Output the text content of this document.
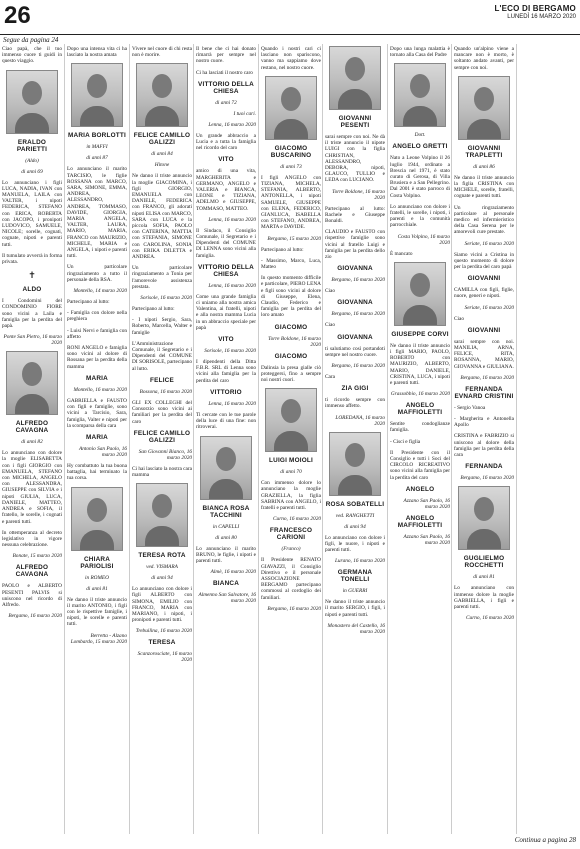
26	L'ECO DI BERGAMO
LUNEDÌ 16 MARZO 2020
Segue da pagina 24
Ciao papà, che il tuo immenso cuore ti guidi in questo viaggio.
ERALDO PARIETTI
(Aldo)
di anni 69
Lo annunciano i figli LUCA, NADIA, IVAN con MANUELA, LAILA con VALTER, i nipoti FEDERICA, STEFANO con ERICA, ROBERTA con JACOPO, i pronipoti LUDOVICO, SAMUELE, NICOLE; sorelle, cognati, cognate, nipoti e parenti tutti.
Il tumulato avverrà in forma privata.
✝
ALDO
I Condomini del CONDOMINIO FIORE sono vicini a Laila e famiglia per la perdita del papà.
Ponte San Pietro, 16 marzo 2020
ALFREDO CAVAGNA
di anni 82
Lo annunciano con dolore la moglie ELISABETTA con i figli GIORGIO con EMANUELA, STEFANO con MICHELA, ANGELO con ALESSANDRA, GIUSEPPE con SILVIA e i nipoti GIULIA, LUCA, DANIELE, MATTEO, ANDREA e SOFIA, il fratello, le sorelle, i cognati e parenti tutti.
In ottemperanza al decreto legislativo in vigore nessuna celebrazione.
Bonate, 15 marzo 2020
ALFREDO CAVAGNA
PAOLO e ALBERTO PESENTI PALVIS si uniscono nel ricordo di Alfredo.
Bergamo, 16 marzo 2020
Dopo una intensa vita ci ha lasciato la nostra amata
MARIA BORLOTTI
in MAFFI
di anni 87
Lo annunciano il marito TARCISIO, le figlie ROSSANA con MARCO, SARA, SIMONE, EMMA, ANDREA, ALESSANDRO, ANDREA, TOMMASO, DAVIDE, GIORGIA, MARIA ANGELA, VALTER, LAURA, MARIO, MARIA, FRANCO con MAURIZIO, MICHELE, MARIA e ANGELA, i nipoti e parenti tutti.
Un particolare ringraziamento a tutto il personale della RSA.
Montello, 14 marzo 2020
Partecipano al lutto:
- Famiglia con dolore nella preghiera
- Luisi Nervi e famiglia con affetto
RONI ANGELO e famiglia sono vicini al dolore di Rossana per la perdita della mamma
MARIA
Montello, 16 marzo 2020
GABRIELLA e FAUSTO con figli e famiglie, sono vicini a Tarcisio, Sara, famiglia, Valter e nipoti per la scomparsa della cara
MARIA
Antonio San Paolo, 16 marzo 2020
Hy combattuto la tua buona battaglia, hai terminato la tua corsa.
CHIARA PARIOLISI
in ROMEO
di anni 81
Ne danno il triste annuncio il marito ANTONIO, i figli con le rispettive famiglie, i nipoti, le sorelle e parenti tutti.
Berretta - Alzano Lombardo, 15 marzo 2020
Vivere nel cuore di chi resta non è morire.
FELICE CAMILLO GALIZZI
di anni 84
Hitone
Ne danno il triste annuncio la moglie GIACOMINA, i figli GIORGIO, EMANUELA con DANIELE, FEDERICA con FRANCO, gli adorati nipoti ELISA con MARCO, SARA con LUCA e la piccola SOFIA, PAOLO con CATERINA, MATTIA con STEFANIA, SIMONE con CAROLINA, SONIA con ERIKA DILETTA e ANDREA.
Un particolare ringraziamento a Tonia per l'amorevole assistenza prestata.
Sorisole, 16 marzo 2020
Partecipano al lutto:
- I nipoti Sergio, Sara, Roberto, Marcella, Walter e famiglie
L'Amministrazione Comunale, il Segretario e i Dipendenti del COMUNE DI SORISOLE, partecipano al lutto.
FELICE
Bossona, 16 marzo 2020
GLI EX COLLEGHI del Consorzio sono vicini ai familiari per la perdita del caro
FELICE CAMILLO GALIZZI
San Giovanni Bianco, 16 marzo 2020
Ci hai lasciato la nostra cara mamma
TERESA ROTA
ved. VISMARA
di anni 94
Lo annunciano con dolore i figli ALBERTO con SIMONA, EMILIO con FRANCO, MARIA con MARIANO, i nipoti, i pronipoti e parenti tutti.
Trebuilina, 16 marzo 2020
TERESA
Scanzorosciate, 16 marzo 2020
Il bene che ci hai donato rimarrà per sempre nel nostro cuore.
Ci ha lasciati il nostro caro
VITTORIO DELLA CHIESA
di anni 72
I tuoi cari.
Lenna, 16 marzo 2020
Un grande abbraccio a Lucia e a tutta la famiglia nel ricordo del caro
VITO
amico di una vita, MARGHERITA e GERMANO, ANGELO e VALERIA e BIANCA, LEONE e TIZIANA, ADELMO e GIUSEPPE, TOMMASO, MATTEO.
Lenna, 16 marzo 2020
Il Sindaco, il Consiglio Comunale, il Segretario e i Dipendenti del COMUNE DI LENNA sono vicini alla famiglia.
VITTORIO DELLA CHIESA
Lenna, 16 marzo 2020
Come una grande famiglia ci uniamo alla nostra amica Valentina, ai fratelli, nipoti e alla nostra mamma Lucia in un abbraccio speciale per papà
VITO
Sorisole, 16 marzo 2020
I dipendenti della Ditta F.B.R. SRL di Lenna sono vicini alla famiglia per la perdita del caro
VITTORIO
Lenna, 16 marzo 2020
Ti cercate con le tue parole della luce di una fine: non ritroverai.
BIANCA ROSA TACCHINI
in CAPELLI
di anni 80
Lo annunciano il marito BRUNO, le figlie, i nipoti e parenti tutti.
Almè, 16 marzo 2020
BIANCA
Almenno San Salvatore, 16 marzo 2020
Quando i nostri cari ci lasciano non spariscono, vanno ma sappiamo dove restano, nel nostro cuore.
GIACOMO BUSCARINO
di anni 73
I figli ANGELO con TIZIANA, MICHELA, STEFANIA, ALBERTO, ANTONELLA, i nipoti SAMUELE, GIUSEPPE con ELENA, FEDERICO, GIANLUCA, ISABELLA con STEFANO, ANDREA, MARTA e DAVIDE.
Bergamo, 15 marzo 2020
Partecipano al lutto:
- Massimo, Marco, Luca, Matteo
In questo momento difficile e particolare, PIERO LENA e figli sono vicini al dolore di Giuseppe, Elena, Claudio, Federico e famiglia per la perdita del loro amato
GIACOMO
Torre Boldone, 16 marzo 2020
GIACOMO
Dalinsia la presa gialle ciò proteggersi, fino a sempre noi nostri cuori.
LUIGI MOIOLI
di anni 70
Con immenso dolore lo annunciano la moglie GRAZIELLA, la figlia SABRINA con ANGELO, i fratelli e parenti tutti.
Curno, 16 marzo 2020
FRANCESCO CARIONI
(Franco)
Il Presidente RENATO GIAVAZZI, il Consiglio Direttivo e il personale ASSOCIAZIONE BERGAMO partecipano commossi al cordoglio dei familiari.
Bergamo, 16 marzo 2020
GIOVANNI PESENTI
sarai sempre con noi. Ne dà il triste annuncio il nipote LUIGI con la figlia CHRISTIAN, ALESSANDRO, DEBORA, nipoti, GLAUCO, TULLIO e LEDA con LUCIANO.
Torre Boldone, 16 marzo 2020
Partecipano al lutto: Rachele e Giuseppe Bonaldi.
CLAUDIO e FAUSTO con rispettive famiglie sono vicini al fratello Luigi e famiglia per la perdita dello zio
GIOVANNA
Bergamo, 16 marzo 2020
Ciao
GIOVANNA
Bergamo, 16 marzo 2020
Ciao
GIOVANNA
ti salutiamo così portandoti sempre nel nostro cuore.
Bergamo, 16 marzo 2020
Cara
ZIA GIGI
ti ricordo sempre con immenso affetto.
LOREDANA, 16 marzo 2020
ROSA SOBATELLI
ved. RANGHETTI
di anni 94
Lo annunciano con dolore i figli, le nuore, i nipoti e parenti tutti.
Lurano, 16 marzo 2020
GERMANA TONELLI
in GUERRI
Ne danno il triste annuncio il marito SERGIO, i figli, i nipoti e parenti tutti.
Monastero del Castello, 16 marzo 2020
Dopo una lunga malattia è tornato alla Casa del Padre
Dott.
ANGELO GRETTI
Nato a Leone Volpino il 26 luglio 1944, ordinato a Brescia nel 1971, è stato curato di Gerosa, di Villa Brusiera e a San Pellegrino. Dal 2001 è stato parroco di Costa Volpino.
Lo annunciano con dolore i fratelli, le sorelle, i nipoti, i parenti e la comunità parrocchiale.
Costa Volpino, 16 marzo 2020
È mancato
GIUSEPPE CORVI
Ne danno il triste annuncio i figli MARIO, PAOLO, ROBERTO con MAURIZIO, ALBERTO, MARIO, DANIELE, CRISTINA, LUCA, i nipoti e parenti tutti.
Grassobbio, 16 marzo 2020
ANGELO MAFFIOLETTI
Sentite condoglianze famiglia.
- Cisci e figlia
Il Presidente con il Consiglio e tutti i Soci del CIRCOLO RICREATIVO sono vicini alla famiglia per la perdita del caro
ANGELO
Azzano San Paolo, 16 marzo 2020
ANGELO MAFFIOLETTI
Azzano San Paolo, 16 marzo 2020
Quando un'alpino viene a mancare non è morto, è soltanto andato avanti, per sempre con noi.
GIOVANNI TRAPLETTI
di anni 86
Ne danno il triste annuncio la figlia CRISTINA con MICHELE, sorelle, fratelli, cognate e parenti tutti.
Un ringraziamento particolare al personale medico ed infermieristico della Casa Serena per le amorevoli cure prestate.
Seriate, 16 marzo 2020
Siamo vicini a Cristina in questo momento di dolore per la perdita del caro papà
GIOVANNI
CAMILLA con figli, figlie, nuore, generi e nipoti.
Seriate, 16 marzo 2020
Ciao
GIOVANNI
sarai sempre con noi. MANILIA, ARNA, FELICE, RITA, ROSANNA, MARIO, GIOVANNA e GIULIANA.
Bergamo, 16 marzo 2020
FERNANDA EVNARD CRISTINI
- Sergio Vanoa
- Margherita e Antonella Apollo
CRISTINA e FABRIZIO si uniscono al dolore della famiglia per la perdita della cara
FERNANDA
Bergamo, 16 marzo 2020
GUGLIELMO ROCCHETTI
di anni 81
Lo annunciano con immenso dolore la moglie GABRIELLA, i figli e parenti tutti.
Curno, 16 marzo 2020
Continua a pagina 28
